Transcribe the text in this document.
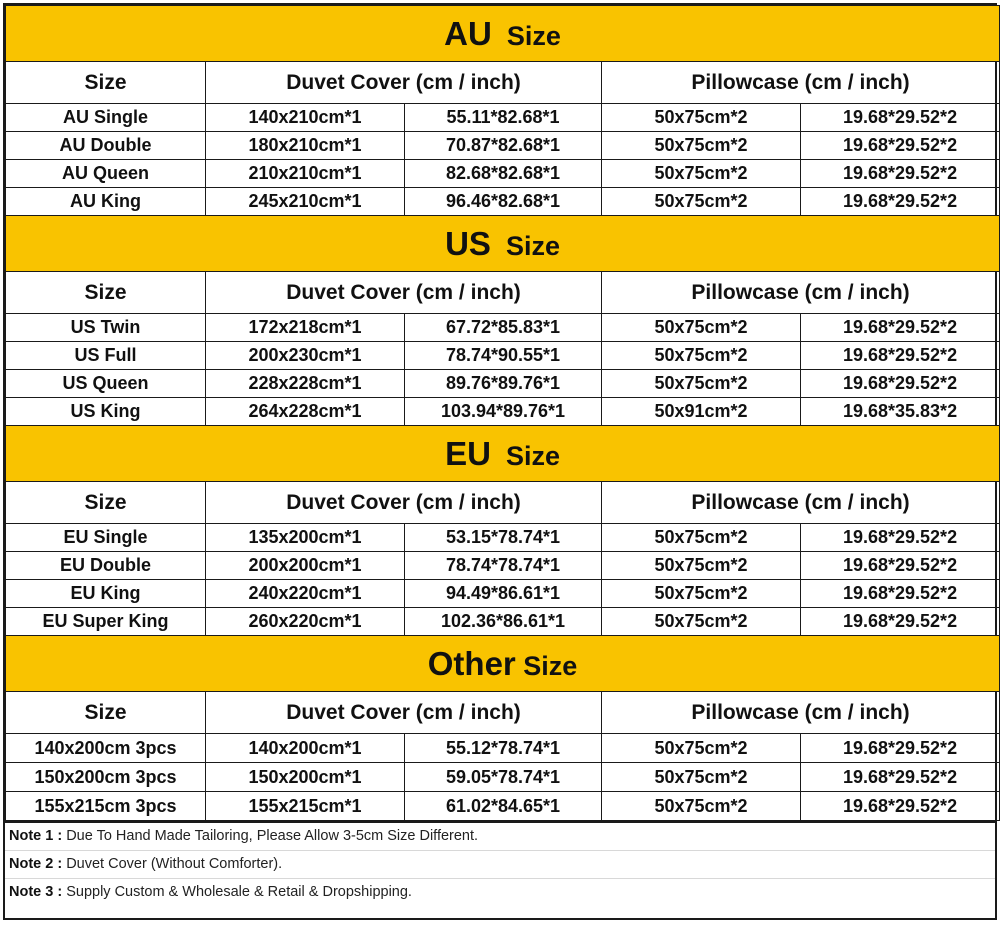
AU Size				
Size	Duvet Cover (cm / inch)		Pillowcase (cm / inch)	
AU Single	140x210cm*1	55.11*82.68*1	50x75cm*2	19.68*29.52*2
AU Double	180x210cm*1	70.87*82.68*1	50x75cm*2	19.68*29.52*2
AU Queen	210x210cm*1	82.68*82.68*1	50x75cm*2	19.68*29.52*2
AU King	245x210cm*1	96.46*82.68*1	50x75cm*2	19.68*29.52*2
US Size				
Size	Duvet Cover (cm / inch)		Pillowcase (cm / inch)	
US Twin	172x218cm*1	67.72*85.83*1	50x75cm*2	19.68*29.52*2
US Full	200x230cm*1	78.74*90.55*1	50x75cm*2	19.68*29.52*2
US Queen	228x228cm*1	89.76*89.76*1	50x75cm*2	19.68*29.52*2
US King	264x228cm*1	103.94*89.76*1	50x91cm*2	19.68*35.83*2
EU Size				
Size	Duvet Cover (cm / inch)		Pillowcase (cm / inch)	
EU Single	135x200cm*1	53.15*78.74*1	50x75cm*2	19.68*29.52*2
EU Double	200x200cm*1	78.74*78.74*1	50x75cm*2	19.68*29.52*2
EU King	240x220cm*1	94.49*86.61*1	50x75cm*2	19.68*29.52*2
EU Super King	260x220cm*1	102.36*86.61*1	50x75cm*2	19.68*29.52*2
Other Size				
Size	Duvet Cover (cm / inch)		Pillowcase (cm / inch)	
140x200cm 3pcs	140x200cm*1	55.12*78.74*1	50x75cm*2	19.68*29.52*2
150x200cm 3pcs	150x200cm*1	59.05*78.74*1	50x75cm*2	19.68*29.52*2
155x215cm 3pcs	155x215cm*1	61.02*84.65*1	50x75cm*2	19.68*29.52*2
Note 1 : Due To Hand Made Tailoring, Please Allow 3-5cm Size Different.
Note 2 : Duvet Cover (Without Comforter).
Note 3 : Supply Custom & Wholesale & Retail & Dropshipping.
